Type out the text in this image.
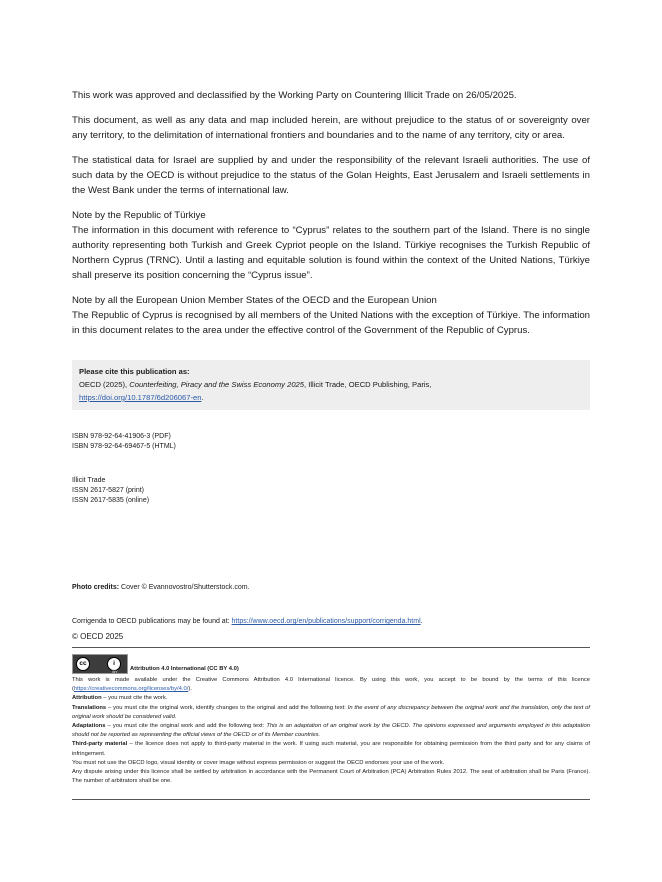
This work was approved and declassified by the Working Party on Countering Illicit Trade on 26/05/2025.

This document, as well as any data and map included herein, are without prejudice to the status of or sovereignty over any territory, to the delimitation of international frontiers and boundaries and to the name of any territory, city or area.

The statistical data for Israel are supplied by and under the responsibility of the relevant Israeli authorities. The use of such data by the OECD is without prejudice to the status of the Golan Heights, East Jerusalem and Israeli settlements in the West Bank under the terms of international law.

Note by the Republic of Türkiye
The information in this document with reference to “Cyprus” relates to the southern part of the Island. There is no single authority representing both Turkish and Greek Cypriot people on the Island. Türkiye recognises the Turkish Republic of Northern Cyprus (TRNC). Until a lasting and equitable solution is found within the context of the United Nations, Türkiye shall preserve its position concerning the “Cyprus issue”.
Note by all the European Union Member States of the OECD and the European Union
The Republic of Cyprus is recognised by all members of the United Nations with the exception of Türkiye. The information in this document relates to the area under the effective control of the Government of the Republic of Cyprus.
Please cite this publication as:
OECD (2025), Counterfeiting, Piracy and the Swiss Economy 2025, Illicit Trade, OECD Publishing, Paris,
https://doi.org/10.1787/6d206067-en.

ISBN 978-92-64-41906-3 (PDF)

ISBN 978-92-64-69467-5 (HTML)

Illicit Trade

ISSN 2617-5827 (print)

ISSN 2617-5835 (online)

Photo credits: Cover © Evannovostro/Shutterstock.com.
Corrigenda to OECD publications may be found at: https://www.oecd.org/en/publications/support/corrigenda.html.
© OECD 2025
cc	i
BY	Attribution 4.0 International (CC BY 4.0)

This work is made available under the Creative Commons Attribution 4.0 International licence. By using this work, you accept to be bound by the terms of this licence (https://creativecommons.org/licenses/by/4.0/).

Attribution – you must cite the work.

Translations – you must cite the original work, identify changes to the original and add the following text: In the event of any discrepancy between the original work and the translation, only the text of original work should be considered valid.

Adaptations – you must cite the original work and add the following text: This is an adaptation of an original work by the OECD. The opinions expressed and arguments employed in this adaptation should not be reported as representing the official views of the OECD or of its Member countries.

Third-party material – the licence does not apply to third-party material in the work. If using such material, you are responsible for obtaining permission from the third party and for any claims of infringement.

You must not use the OECD logo, visual identity or cover image without express permission or suggest the OECD endorses your use of the work.

Any dispute arising under this licence shall be settled by arbitration in accordance with the Permanent Court of Arbitration (PCA) Arbitration Rules 2012. The seat of arbitration shall be Paris (France). The number of arbitrators shall be one.
